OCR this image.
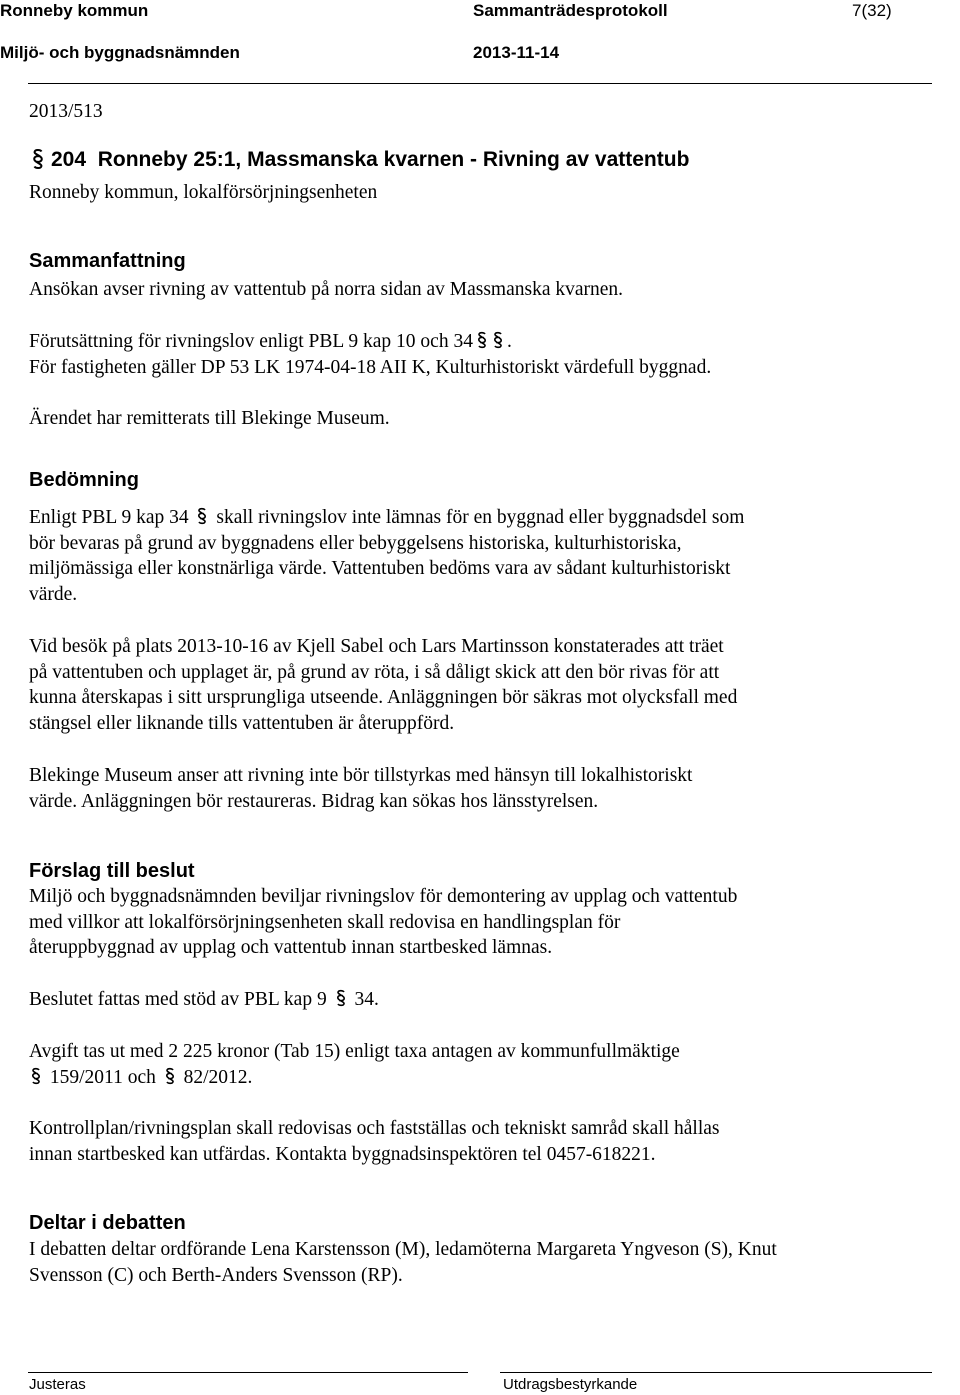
Ronneby kommun	Sammanträdesprotokoll	7(32)
Miljö- och byggnadsnämnden	2013-11-14
2013/513
204 Ronneby 25:1, Massmanska kvarnen - Rivning av vattentub
Ronneby kommun, lokalförsörjningsenheten
Sammanfattning
Ansökan avser rivning av vattentub på norra sidan av Massmanska kvarnen.
Förutsättning för rivningslov enligt PBL 9 kap 10 och 34 .
För fastigheten gäller DP 53 LK 1974-04-18 AII K, Kulturhistoriskt värdefull byggnad.
Ärendet har remitterats till Blekinge Museum.
Bedömning
Enligt PBL 9 kap 34 skall rivningslov inte lämnas för en byggnad eller byggnadsdel som
bör bevaras på grund av byggnadens eller bebyggelsens historiska, kulturhistoriska,
miljömässiga eller konstnärliga värde. Vattentuben bedöms vara av sådant kulturhistoriskt
värde.
Vid besök på plats 2013-10-16 av Kjell Sabel och Lars Martinsson konstaterades att träet
på vattentuben och upplaget är, på grund av röta, i så dåligt skick att den bör rivas för att
kunna återskapas i sitt ursprungliga utseende. Anläggningen bör säkras mot olycksfall med
stängsel eller liknande tills vattentuben är återuppförd.
Blekinge Museum anser att rivning inte bör tillstyrkas med hänsyn till lokalhistoriskt
värde. Anläggningen bör restaureras. Bidrag kan sökas hos länsstyrelsen.
Förslag till beslut
Miljö och byggnadsnämnden beviljar rivningslov för demontering av upplag och vattentub
med villkor att lokalförsörjningsenheten skall redovisa en handlingsplan för
återuppbyggnad av upplag och vattentub innan startbesked lämnas.
Beslutet fattas med stöd av PBL kap 9 34.
Avgift tas ut med 2 225 kronor (Tab 15) enligt taxa antagen av kommunfullmäktige
159/2011 och 82/2012.
Kontrollplan/rivningsplan skall redovisas och fastställas och tekniskt samråd skall hållas
innan startbesked kan utfärdas. Kontakta byggnadsinspektören tel 0457-618221.
Deltar i debatten
I debatten deltar ordförande Lena Karstensson (M), ledamöterna Margareta Yngveson (S), Knut
Svensson (C) och Berth-Anders Svensson (RP).
Justeras	Utdragsbestyrkande
